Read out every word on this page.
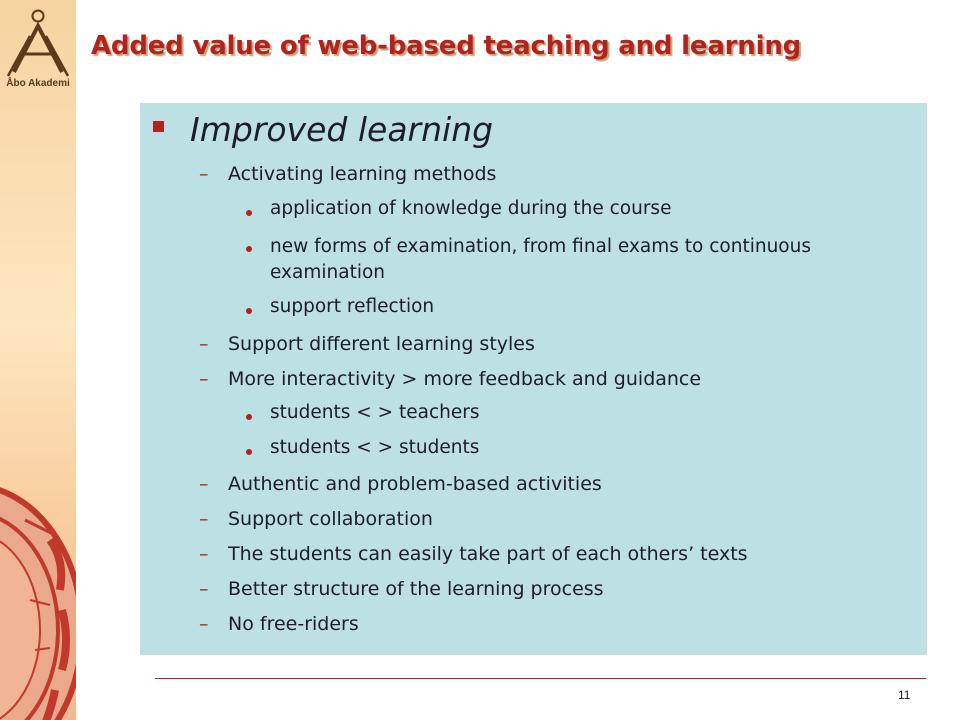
Åbo Akademi
Added value of web-based teaching and learning
Improved learning
– Activating learning methods
application of knowledge during the course
new forms of examination, from final exams to continuous examination
support reflection
– Support different learning styles
– More interactivity > more feedback and guidance
students < > teachers
students < > students
– Authentic and problem-based activities
– Support collaboration
– The students can easily take part of each others’ texts
– Better structure of the learning process
– No free-riders
11
